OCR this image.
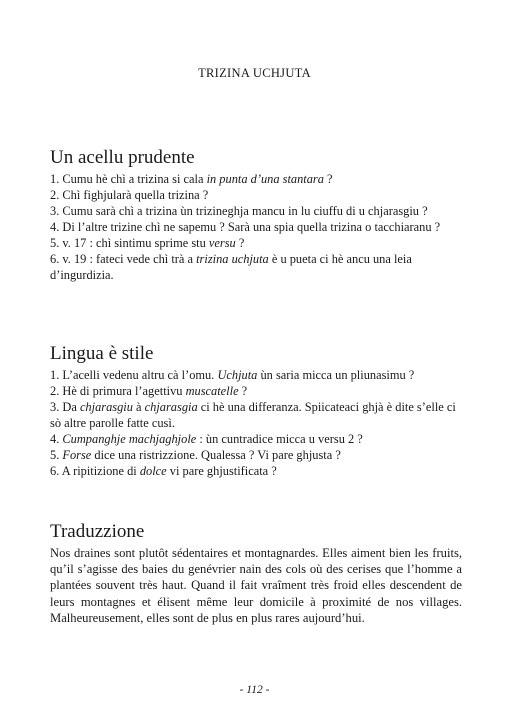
TRIZINA UCHJUTA
Un acellu prudente

1. Cumu hè chì a trizina si cala in punta d’una stantara ?

2. Chì fighjularà quella trizina ?

3. Cumu sarà chì a trizina ùn trizineghja mancu in lu ciuffu di u chjarasgiu ?

4. Di l’altre trizine chì ne sapemu ? Sarà una spia quella trizina o tacchiaranu ?

5. v. 17 : chì sintimu sprime stu versu ?

6. v. 19 : fateci vede chì trà a trizina uchjuta è u pueta ci hè ancu una leia d’ingurdizia.

Lingua è stile

1. L’acelli vedenu altru cà l’omu. Uchjuta ùn saria micca un pliunasimu ?

2. Hè di primura l’agettivu muscatelle ?

3. Da chjarasgiu à chjarasgia ci hè una differanza. Spiicateaci ghjà è dite s’elle ci sò altre parolle fatte cusì.

4. Cumpanghje machjaghjole : ùn cuntradice micca u versu 2 ?

5. Forse dice una ristrizzione. Qualessa ? Vi pare ghjusta ?

6. A ripitizione di dolce vi pare ghjustificata ?

Traduzzione

Nos draines sont plutôt sédentaires et montagnardes. Elles aiment bien les fruits, qu’il s’agisse des baies du genévrier nain des cols où des cerises que l’homme a plantées souvent très haut. Quand il fait vraîment très froid elles descendent de leurs montagnes et élisent même leur domicile à proximité de nos villages. Malheureusement, elles sont de plus en plus rares aujourd’hui.

- 112 -
